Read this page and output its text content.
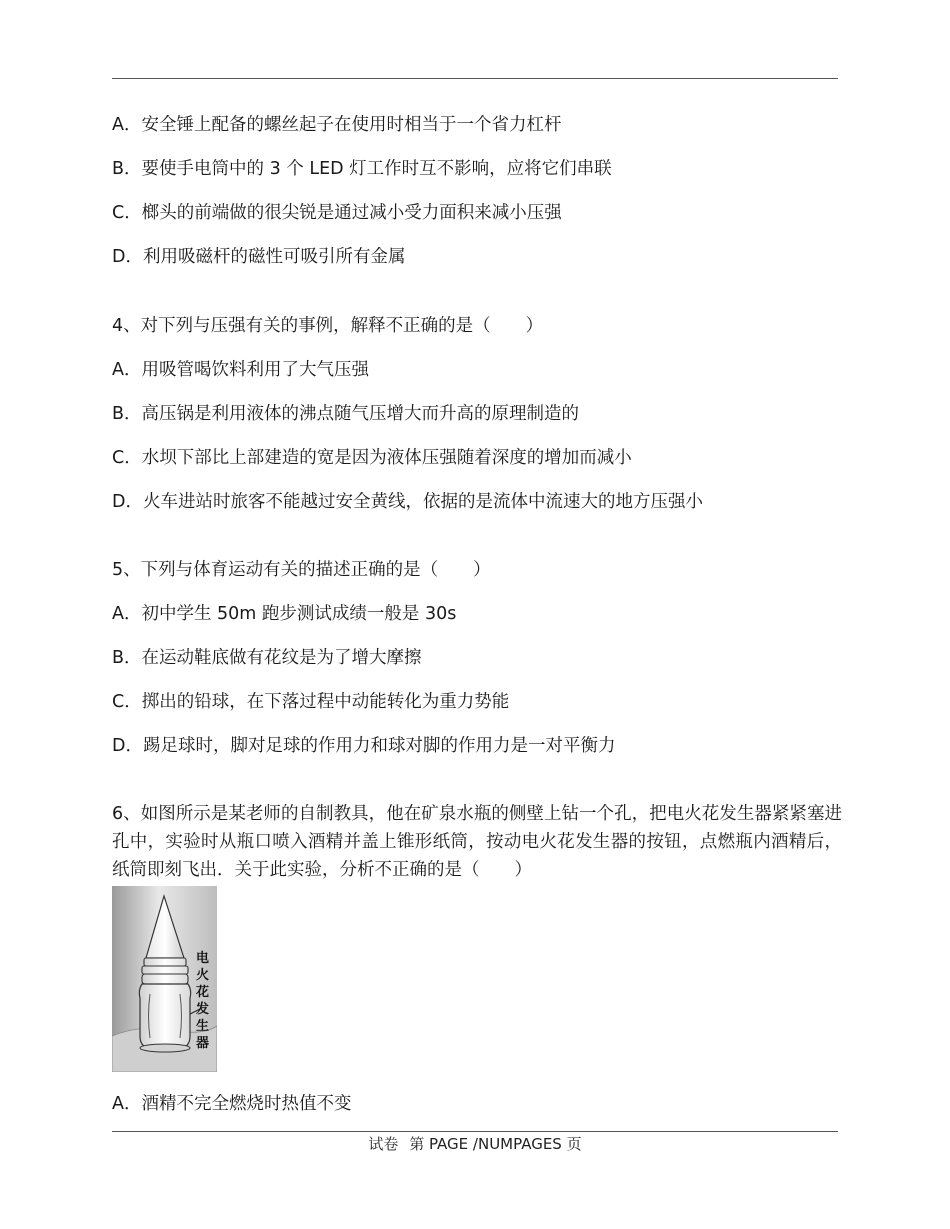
A．安全锤上配备的螺丝起子在使用时相当于一个省力杠杆
B．要使手电筒中的 3 个 LED 灯工作时互不影响，应将它们串联
C．榔头的前端做的很尖锐是通过减小受力面积来减小压强
D．利用吸磁杆的磁性可吸引所有金属
4、对下列与压强有关的事例，解释不正确的是（　　）
A．用吸管喝饮料利用了大气压强
B．高压锅是利用液体的沸点随气压增大而升高的原理制造的
C．水坝下部比上部建造的宽是因为液体压强随着深度的增加而减小
D．火车进站时旅客不能越过安全黄线，依据的是流体中流速大的地方压强小
5、下列与体育运动有关的描述正确的是（　　）
A．初中学生 50m 跑步测试成绩一般是 30s
B．在运动鞋底做有花纹是为了增大摩擦
C．掷出的铅球，在下落过程中动能转化为重力势能
D．踢足球时，脚对足球的作用力和球对脚的作用力是一对平衡力
6、如图所示是某老师的自制教具，他在矿泉水瓶的侧壁上钻一个孔，把电火花发生器紧紧塞进孔中，实验时从瓶口喷入酒精并盖上锥形纸筒，按动电火花发生器的按钮，点燃瓶内酒精后，纸筒即刻飞出．关于此实验，分析不正确的是（　　）
电 火 花 发 生 器
A．酒精不完全燃烧时热值不变
试卷 第 PAGE /NUMPAGES 页
